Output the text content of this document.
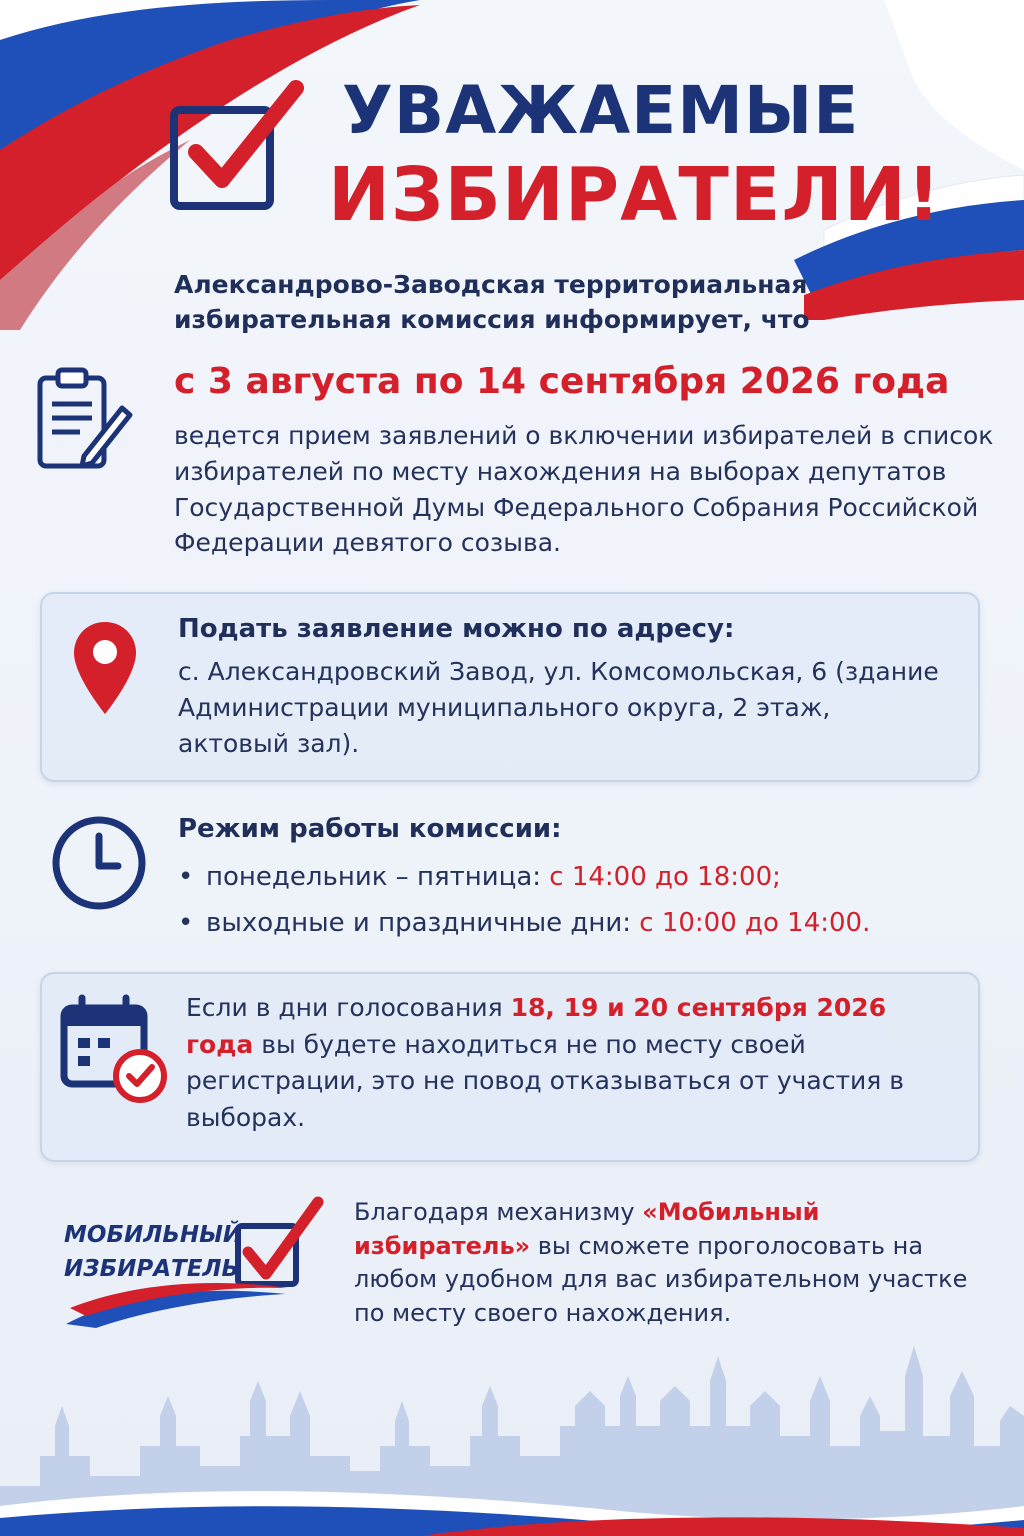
УВАЖАЕМЫЕ
ИЗБИРАТЕЛИ!

Александрово-Заводская территориальная избирательная комиссия информирует, что

с 3 августа по 14 сентября 2026 года

ведется прием заявлений о включении избирателей в список избирателей по месту нахождения на выборах депутатов Государственной Думы Федерального Собрания Российской Федерации девятого созыва.

Подать заявление можно по адресу:

с. Александровский Завод, ул. Комсомольская, 6 (здание Администрации муниципального округа, 2 этаж, актовый зал).

Режим работы комиссии:

• понедельник – пятница: с 14:00 до 18:00;
• выходные и праздничные дни: с 10:00 до 14:00.

Если в дни голосования 18, 19 и 20 сентября 2026 года вы будете находиться не по месту своей регистрации, это не повод отказываться от участия в выборах.

МОБИЛЬНЫЙ

ИЗБИРАТЕЛЬ

Благодаря механизму «Мобильный избиратель» вы сможете проголосовать на любом удобном для вас избирательном участке по месту своего нахождения.
